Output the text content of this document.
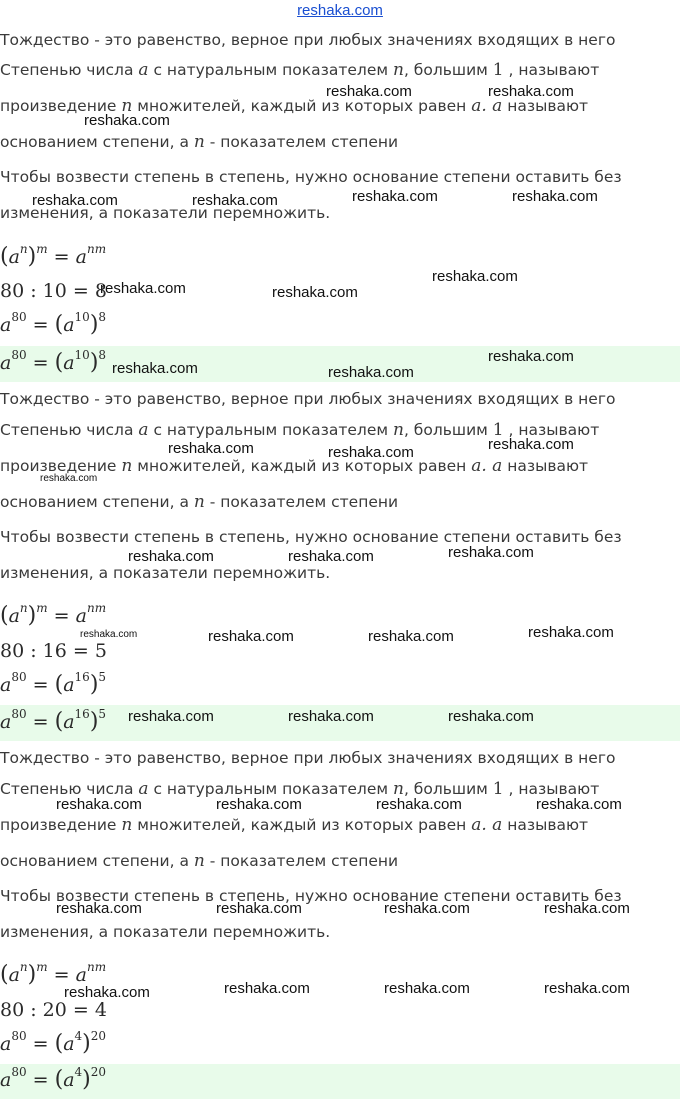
reshaka.com
Тождество - это равенство, верное при любых значениях входящих в него
Степенью числа a с натуральным показателем n, большим 1 , называют
произведение n множителей, каждый из которых равен a. a называют
основанием степени, а n - показателем степени
Чтобы возвести степень в степень, нужно основание степени оставить без
изменения, а показатели перемножить.
$(a^n)^m = a^{nm}$
80 : 10 = 8
$a^{80} = (a^{10})^8$
$a^{80} = (a^{10})^8$
Тождество - это равенство, верное при любых значениях входящих в него
Степенью числа a с натуральным показателем n, большим 1 , называют
произведение n множителей, каждый из которых равен a. a называют
основанием степени, а n - показателем степени
Чтобы возвести степень в степень, нужно основание степени оставить без
изменения, а показатели перемножить.
$(a^n)^m = a^{nm}$
80 : 16 = 5
$a^{80} = (a^{16})^5$
$a^{80} = (a^{16})^5$
Тождество - это равенство, верное при любых значениях входящих в него
Степенью числа a с натуральным показателем n, большим 1 , называют
произведение n множителей, каждый из которых равен a. a называют
основанием степени, а n - показателем степени
Чтобы возвести степень в степень, нужно основание степени оставить без
изменения, а показатели перемножить.
$(a^n)^m = a^{nm}$
80 : 20 = 4
$a^{80} = (a^4)^{20}$
$a^{80} = (a^4)^{20}$
reshaka.com	reshaka.com
reshaka.com
reshaka.com	reshaka.com	reshaka.com	reshaka.com
reshaka.com
reshaka.com	reshaka.com
reshaka.com
reshaka.com	reshaka.com
reshaka.com
reshaka.com	reshaka.com
reshaka.com
reshaka.com
reshaka.com	reshaka.com
reshaka.com	reshaka.com	reshaka.com	reshaka.com
reshaka.com	reshaka.com	reshaka.com
reshaka.com	reshaka.com	reshaka.com	reshaka.com
reshaka.com	reshaka.com	reshaka.com	reshaka.com
reshaka.com	reshaka.com	reshaka.com	reshaka.com
